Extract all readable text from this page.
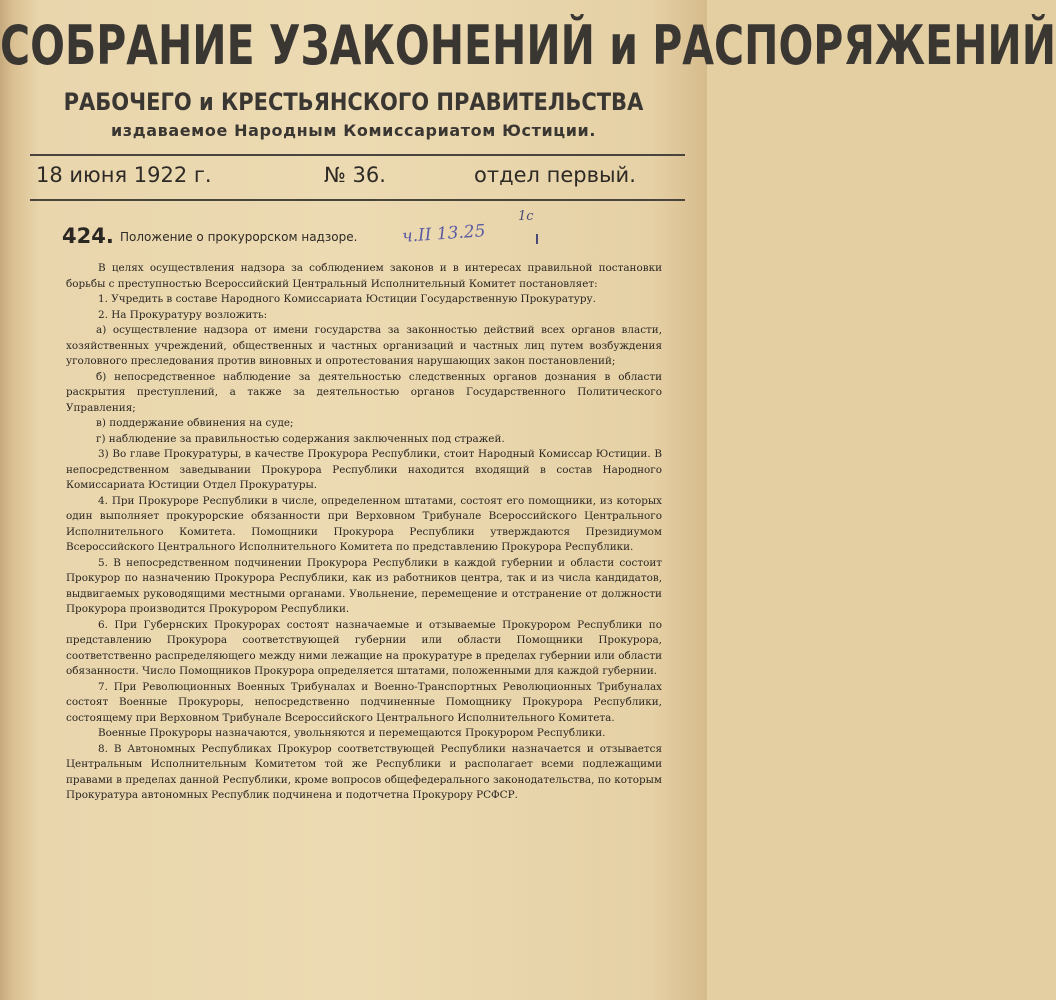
СОБРАНИЕ УЗАКОНЕНИЙ и РАСПОРЯЖЕНИЙ
РАБОЧЕГО и КРЕСТЬЯНСКОГО ПРАВИТЕЛЬСТВА
издаваемое Народным Комиссариатом Юстиции.
18 июня 1922 г.	№ 36.	отдел первый.
424. Положение о прокурорском надзоре.	ч.II 13.25
1с

В целях осуществления надзора за соблюдением законов и в интересах правильной постановки борьбы с преступностью Всероссийский Центральный Исполнительный Комитет постановляет:

1. Учредить в составе Народного Комиссариата Юстиции Государственную Прокуратуру.

2. На Прокуратуру возложить:

а) осуществление надзора от имени государства за законностью действий всех органов власти, хозяйственных учреждений, общественных и частных организаций и частных лиц путем возбуждения уголовного преследования против виновных и опротестования нарушающих закон постановлений;

б) непосредственное наблюдение за деятельностью следственных органов дознания в области раскрытия преступлений, а также за деятельностью органов Государственного Политического Управления;

в) поддержание обвинения на суде;

г) наблюдение за правильностью содержания заключенных под стражей.

3) Во главе Прокуратуры, в качестве Прокурора Республики, стоит Народный Комиссар Юстиции. В непосредственном заведывании Прокурора Республики находится входящий в состав Народного Комиссариата Юстиции Отдел Прокуратуры.

4. При Прокуроре Республики в числе, определенном штатами, состоят его помощники, из которых один выполняет прокурорские обязанности при Верховном Трибунале Всероссийского Центрального Исполнительного Комитета. Помощники Прокурора Республики утверждаются Президиумом Всероссийского Центрального Исполнительного Комитета по представлению Прокурора Республики.

5. В непосредственном подчинении Прокурора Республики в каждой губернии и области состоит Прокурор по назначению Прокурора Республики, как из работников центра, так и из числа кандидатов, выдвигаемых руководящими местными органами. Увольнение, перемещение и отстранение от должности Прокурора производится Прокурором Республики.

6. При Губернских Прокурорах состоят назначаемые и отзываемые Прокурором Республики по представлению Прокурора соответствующей губернии или области Помощники Прокурора, соответственно распределяющего между ними лежащие на прокуратуре в пределах губернии или области обязанности. Число Помощников Прокурора определяется штатами, положенными для каждой губернии.

7. При Революционных Военных Трибуналах и Военно-Транспортных Революционных Трибуналах состоят Военные Прокуроры, непосредственно подчиненные Помощнику Прокурора Республики, состоящему при Верховном Трибунале Всероссийского Центрального Исполнительного Комитета.

Военные Прокуроры назначаются, увольняются и перемещаются Прокурором Республики.

8. В Автономных Республиках Прокурор соответствующей Республики назначается и отзывается Центральным Исполнительным Комитетом той же Республики и располагает всеми подлежащими правами в пределах данной Республики, кроме вопросов общефедерального законодательства, по которым Прокуратура автономных Республик подчинена и подотчетна Прокурору РСФСР.
